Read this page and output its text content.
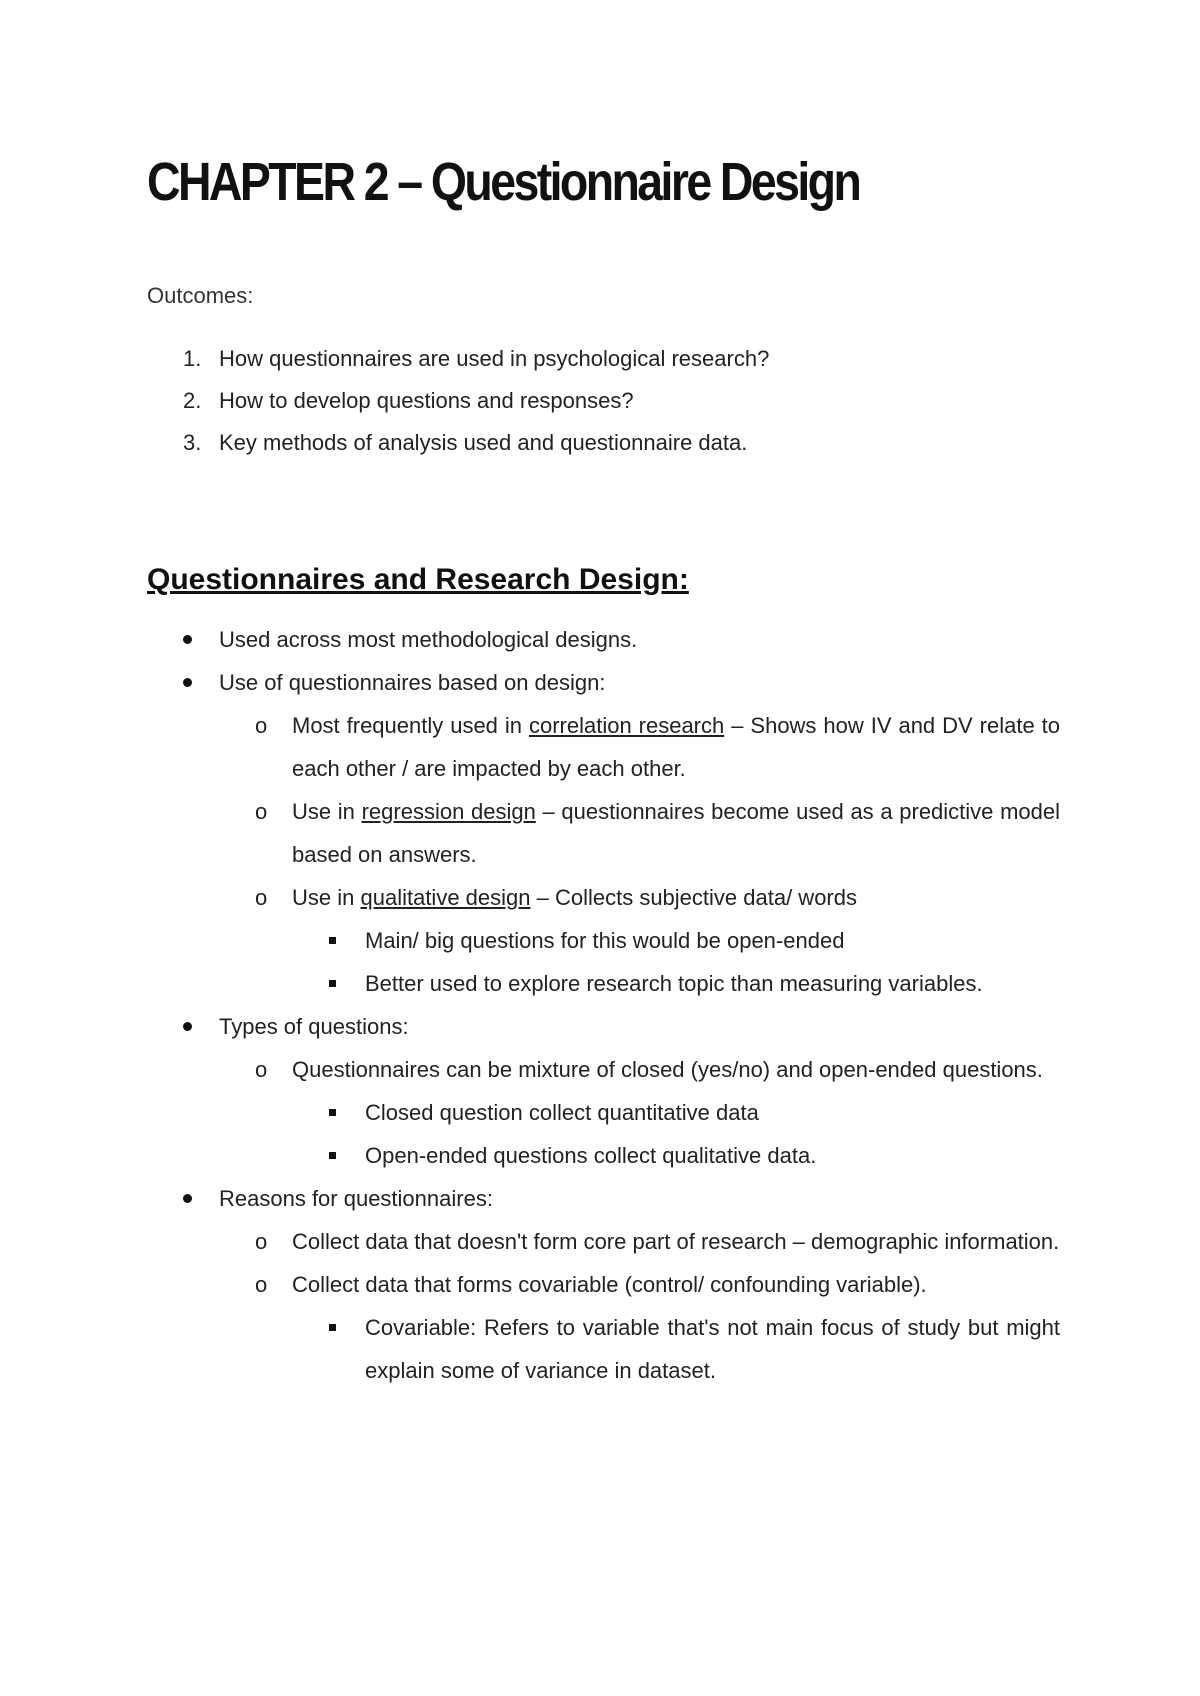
CHAPTER 2 – Questionnaire Design
Outcomes:
1. How questionnaires are used in psychological research?
2. How to develop questions and responses?
3. Key methods of analysis used and questionnaire data.
Questionnaires and Research Design:
Used across most methodological designs.
Use of questionnaires based on design:
o Most frequently used in correlation research – Shows how IV and DV relate to each other / are impacted by each other.
o Use in regression design – questionnaires become used as a predictive model based on answers.
o Use in qualitative design – Collects subjective data/ words
Main/ big questions for this would be open-ended
Better used to explore research topic than measuring variables.
Types of questions:
o Questionnaires can be mixture of closed (yes/no) and open-ended questions.
Closed question collect quantitative data
Open-ended questions collect qualitative data.
Reasons for questionnaires:
o Collect data that doesn't form core part of research – demographic information.
o Collect data that forms covariable (control/ confounding variable).
Covariable: Refers to variable that's not main focus of study but might explain some of variance in dataset.
